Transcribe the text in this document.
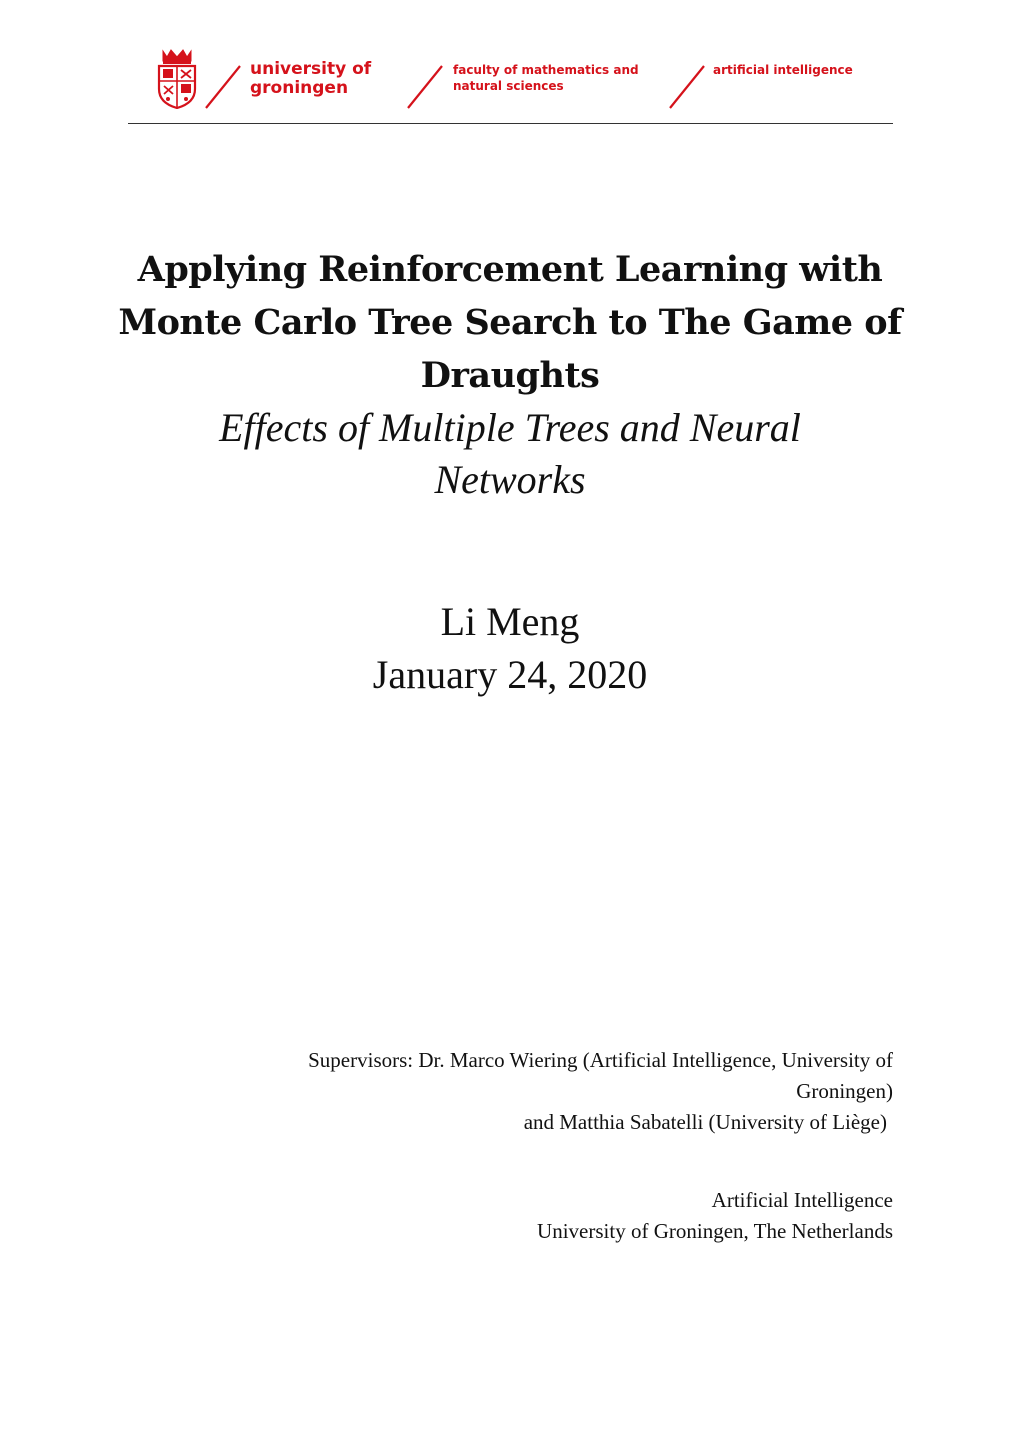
university of
groningen
faculty of mathematics and
natural sciences
artificial intelligence
Applying Reinforcement Learning with
Monte Carlo Tree Search to The Game of
Draughts
Effects of Multiple Trees and Neural
Networks
Li Meng
January 24, 2020
Supervisors: Dr. Marco Wiering (Artificial Intelligence, University of
Groningen)
and Matthia Sabatelli (University of Liège)
Artificial Intelligence
University of Groningen, The Netherlands
